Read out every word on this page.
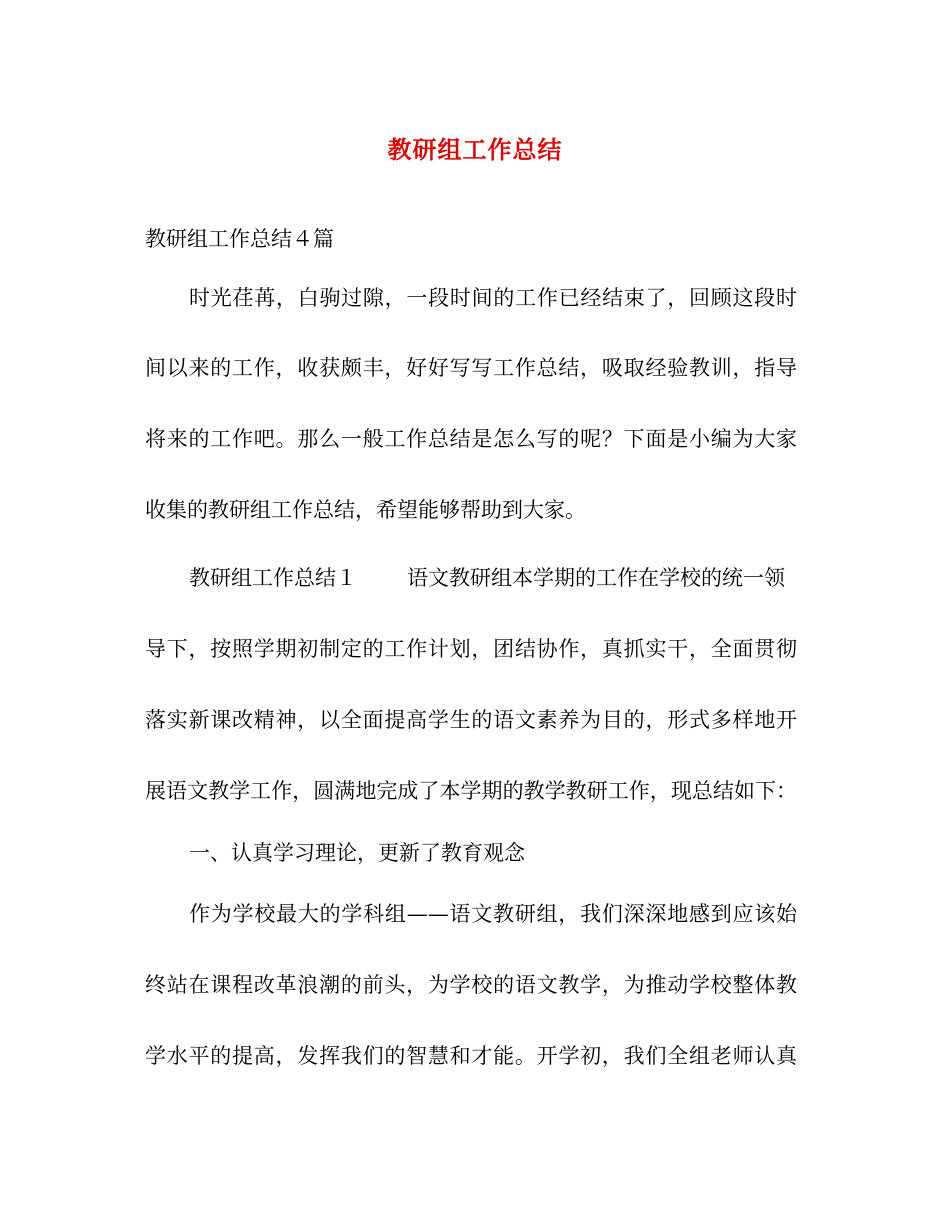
教研组工作总结
教研组工作总结４篇
时光荏苒，白驹过隙，一段时间的工作已经结束了，回顾这段时
间以来的工作，收获颇丰，好好写写工作总结，吸取经验教训，指导
将来的工作吧。那么一般工作总结是怎么写的呢？下面是小编为大家
收集的教研组工作总结，希望能够帮助到大家。
教研组工作总结１ 语文教研组本学期的工作在学校的统一领
导下，按照学期初制定的工作计划，团结协作，真抓实干，全面贯彻
落实新课改精神，以全面提高学生的语文素养为目的，形式多样地开
展语文教学工作，圆满地完成了本学期的教学教研工作，现总结如下：
一、认真学习理论，更新了教育观念
作为学校最大的学科组——语文教研组，我们深深地感到应该始
终站在课程改革浪潮的前头，为学校的语文教学，为推动学校整体教
学水平的提高，发挥我们的智慧和才能。开学初，我们全组老师认真
